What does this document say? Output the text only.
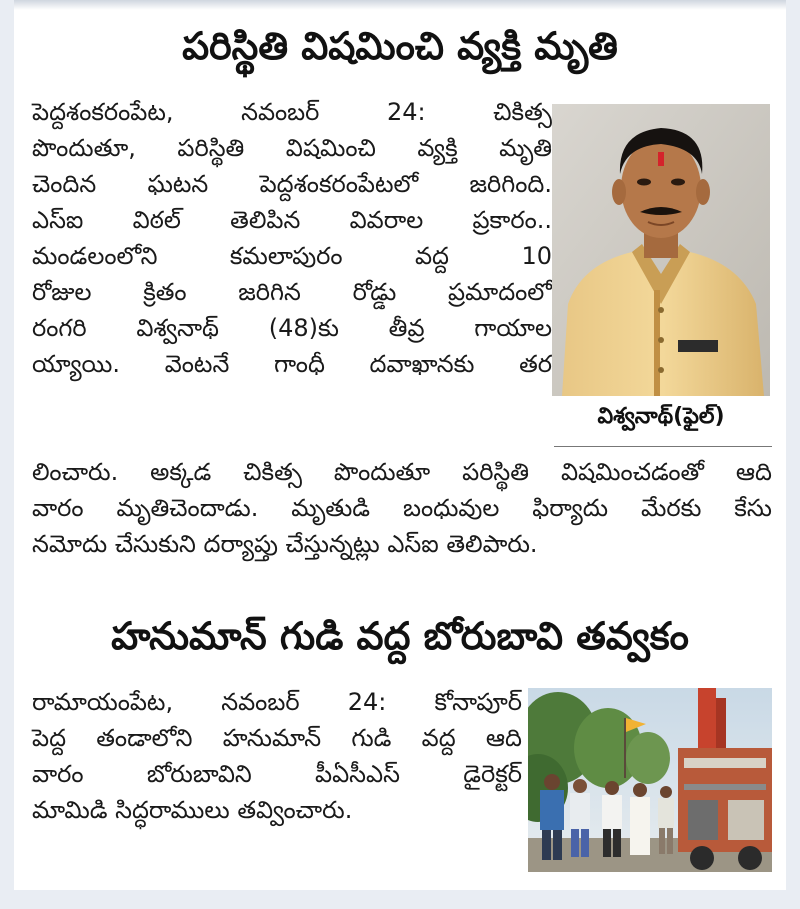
పరిస్థితి విషమించి వ్యక్తి మృతి
పెద్దశంకరంపేట, నవంబర్ 24: చికిత్స
పొందుతూ, పరిస్థితి విషమించి వ్యక్తి మృతి
చెందిన ఘటన పెద్దశంకరంపేటలో జరిగింది.
ఎస్ఐ విఠల్ తెలిపిన వివరాల ప్రకారం..
మండలంలోని కమలాపురం వద్ద 10
రోజుల క్రితం జరిగిన రోడ్డు ప్రమాదంలో
రంగరి విశ్వనాథ్ (48)కు తీవ్ర గాయాల
య్యాయి. వెంటనే గాంధీ దవాఖానకు తర
విశ్వనాథ్(ఫైల్)
లించారు. అక్కడ చికిత్స పొందుతూ పరిస్థితి విషమించడంతో ఆది
వారం మృతిచెందాడు. మృతుడి బంధువుల ఫిర్యాదు మేరకు కేసు
నమోదు చేసుకుని దర్యాప్తు చేస్తున్నట్లు ఎస్ఐ తెలిపారు.
హనుమాన్ గుడి వద్ద బోరుబావి తవ్వకం
రామాయంపేట, నవంబర్ 24: కోనాపూర్
పెద్ద తండాలోని హనుమాన్ గుడి వద్ద ఆది
వారం బోరుబావిని పీఏసీఎస్ డైరెక్టర్
మామిడి సిద్ధరాములు తవ్వించారు.
